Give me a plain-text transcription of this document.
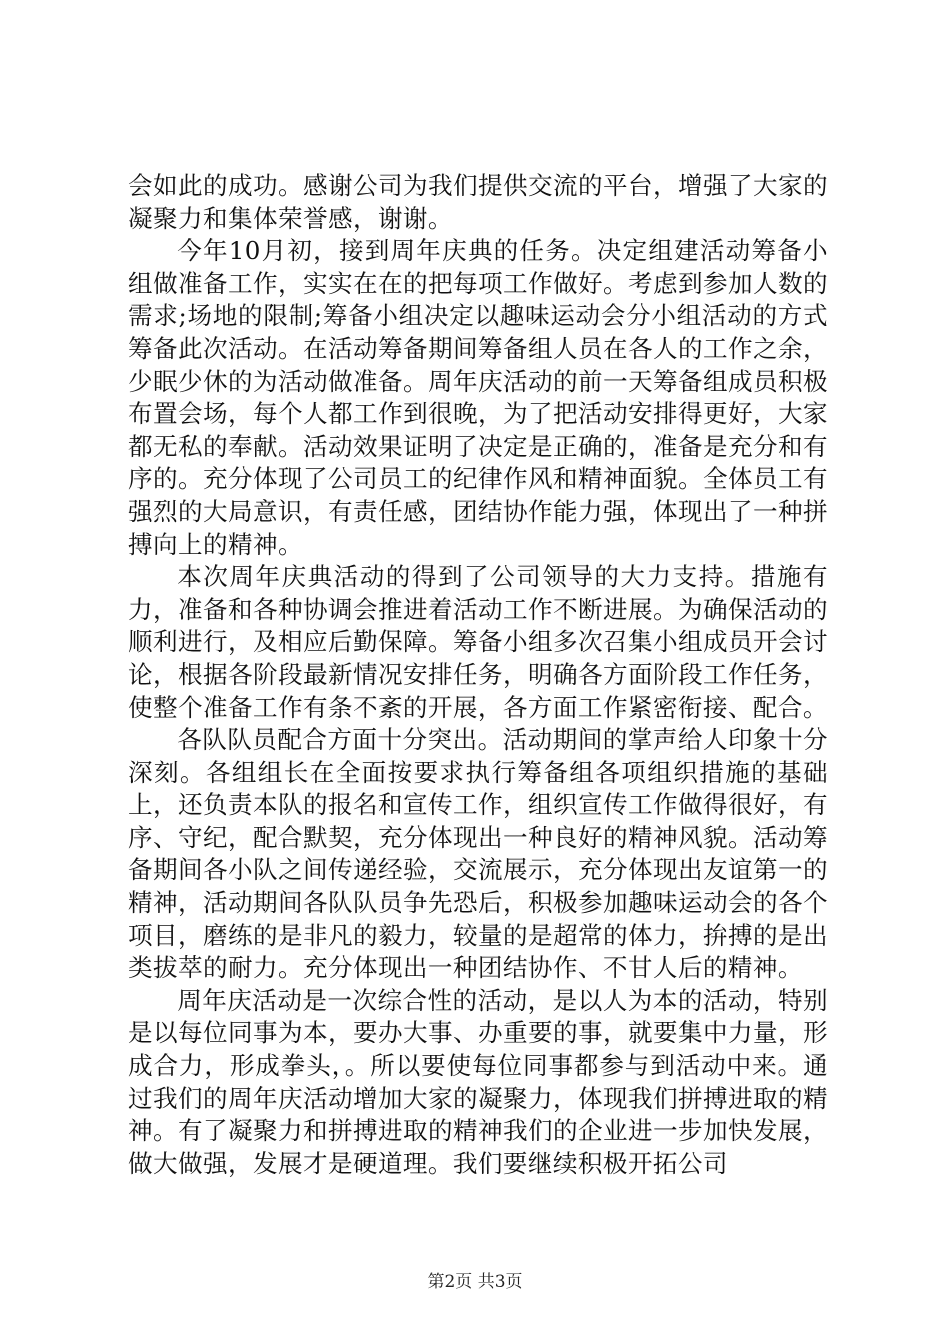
会如此的成功。感谢公司为我们提供交流的平台，增强了大家的凝聚力和集体荣誉感，谢谢。

今年10月初，接到周年庆典的任务。决定组建活动筹备小组做准备工作，实实在在的把每项工作做好。考虑到参加人数的需求;场地的限制;筹备小组决定以趣味运动会分小组活动的方式筹备此次活动。在活动筹备期间筹备组人员在各人的工作之余，少眠少休的为活动做准备。周年庆活动的前一天筹备组成员积极布置会场，每个人都工作到很晚，为了把活动安排得更好，大家都无私的奉献。活动效果证明了决定是正确的，准备是充分和有序的。充分体现了公司员工的纪律作风和精神面貌。全体员工有强烈的大局意识，有责任感，团结协作能力强，体现出了一种拼搏向上的精神。

本次周年庆典活动的得到了公司领导的大力支持。措施有力，准备和各种协调会推进着活动工作不断进展。为确保活动的顺利进行，及相应后勤保障。筹备小组多次召集小组成员开会讨论，根据各阶段最新情况安排任务，明确各方面阶段工作任务，使整个准备工作有条不紊的开展，各方面工作紧密衔接、配合。

各队队员配合方面十分突出。活动期间的掌声给人印象十分深刻。各组组长在全面按要求执行筹备组各项组织措施的基础上，还负责本队的报名和宣传工作，组织宣传工作做得很好，有序、守纪，配合默契，充分体现出一种良好的精神风貌。活动筹备期间各小队之间传递经验，交流展示，充分体现出友谊第一的精神，活动期间各队队员争先恐后，积极参加趣味运动会的各个项目，磨练的是非凡的毅力，较量的是超常的体力，拚搏的是出类拔萃的耐力。充分体现出一种团结协作、不甘人后的精神。

周年庆活动是一次综合性的活动，是以人为本的活动，特别是以每位同事为本，要办大事、办重要的事，就要集中力量，形成合力，形成拳头，。所以要使每位同事都参与到活动中来。通过我们的周年庆活动增加大家的凝聚力，体现我们拼搏进取的精神。有了凝聚力和拼搏进取的精神我们的企业进一步加快发展，做大做强，发展才是硬道理。我们要继续积极开拓公司

第2页 共3页
